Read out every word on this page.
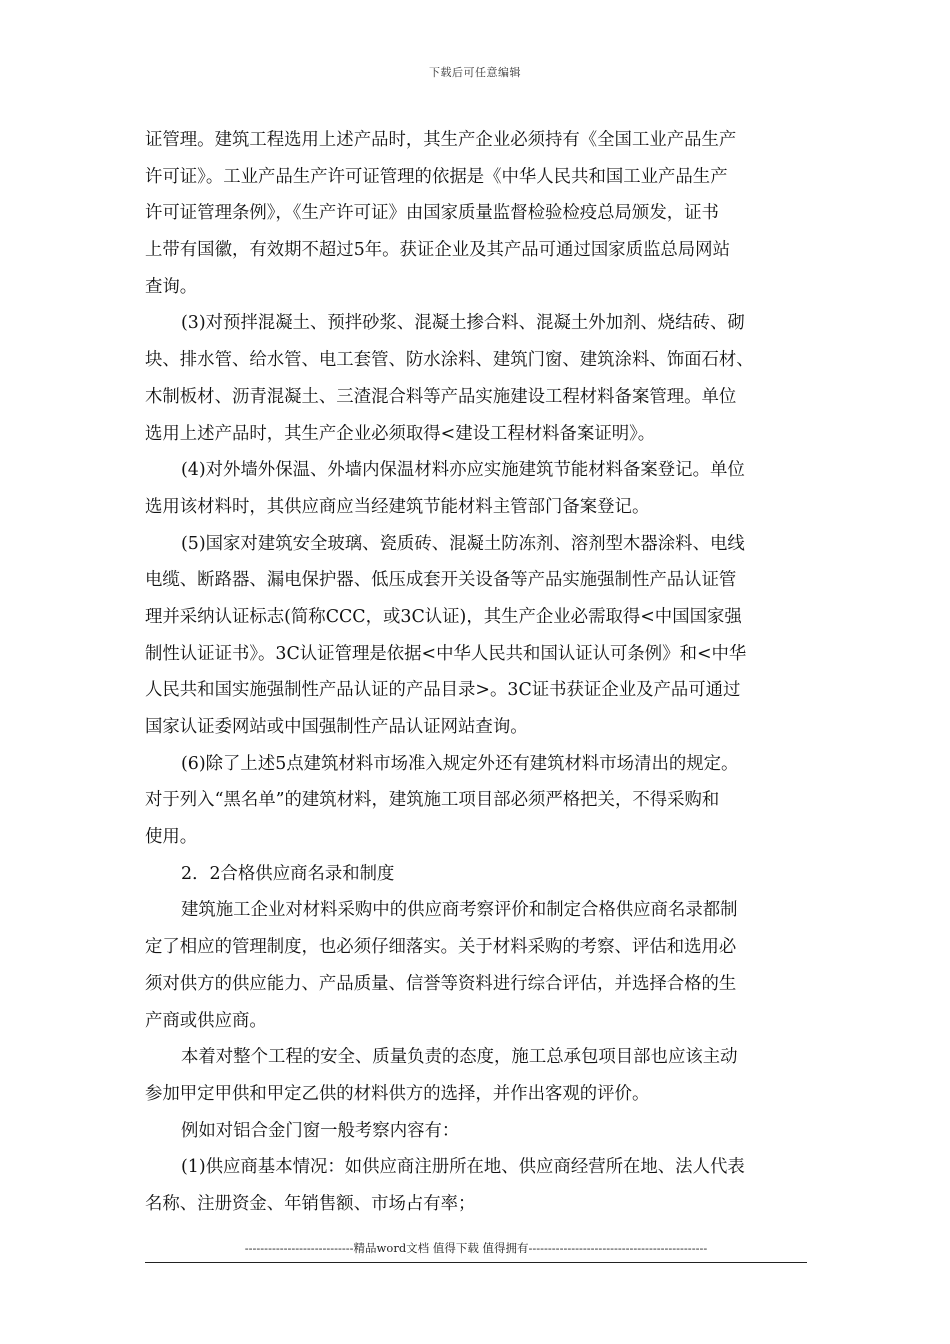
下载后可任意编辑
证管理。建筑工程选用上述产品时，其生产企业必须持有《全国工业产品生产
许可证》。工业产品生产许可证管理的依据是《中华人民共和国工业产品生产
许可证管理条例》，《生产许可证》由国家质量监督检验检疫总局颁发，证书
上带有国徽，有效期不超过5年。获证企业及其产品可通过国家质监总局网站
查询。
(3)对预拌混凝土、预拌砂浆、混凝土掺合料、混凝土外加剂、烧结砖、砌
块、排水管、给水管、电工套管、防水涂料、建筑门窗、建筑涂料、饰面石材、
木制板材、沥青混凝土、三渣混合料等产品实施建设工程材料备案管理。单位
选用上述产品时，其生产企业必须取得<建设工程材料备案证明》。
(4)对外墙外保温、外墙内保温材料亦应实施建筑节能材料备案登记。单位
选用该材料时，其供应商应当经建筑节能材料主管部门备案登记。
(5)国家对建筑安全玻璃、瓷质砖、混凝土防冻剂、溶剂型木器涂料、电线
电缆、断路器、漏电保护器、低压成套开关设备等产品实施强制性产品认证管
理并采纳认证标志(简称CCC，或3C认证)，其生产企业必需取得<中国国家强
制性认证证书》。3C认证管理是依据<中华人民共和国认证认可条例》和<中华
人民共和国实施强制性产品认证的产品目录>。3C证书获证企业及产品可通过
国家认证委网站或中国强制性产品认证网站查询。
(6)除了上述5点建筑材料市场准入规定外还有建筑材料市场清出的规定。
对于列入“黑名单”的建筑材料，建筑施工项目部必须严格把关，不得采购和
使用。
2．2合格供应商名录和制度
建筑施工企业对材料采购中的供应商考察评价和制定合格供应商名录都制
定了相应的管理制度，也必须仔细落实。关于材料采购的考察、评估和选用必
须对供方的供应能力、产品质量、信誉等资料进行综合评估，并选择合格的生
产商或供应商。
本着对整个工程的安全、质量负责的态度，施工总承包项目部也应该主动
参加甲定甲供和甲定乙供的材料供方的选择，并作出客观的评价。
例如对铝合金门窗一般考察内容有：
(1)供应商基本情况：如供应商注册所在地、供应商经营所在地、法人代表
名称、注册资金、年销售额、市场占有率；
----------------------------精品word文档 值得下载 值得拥有----------------------------------------------
